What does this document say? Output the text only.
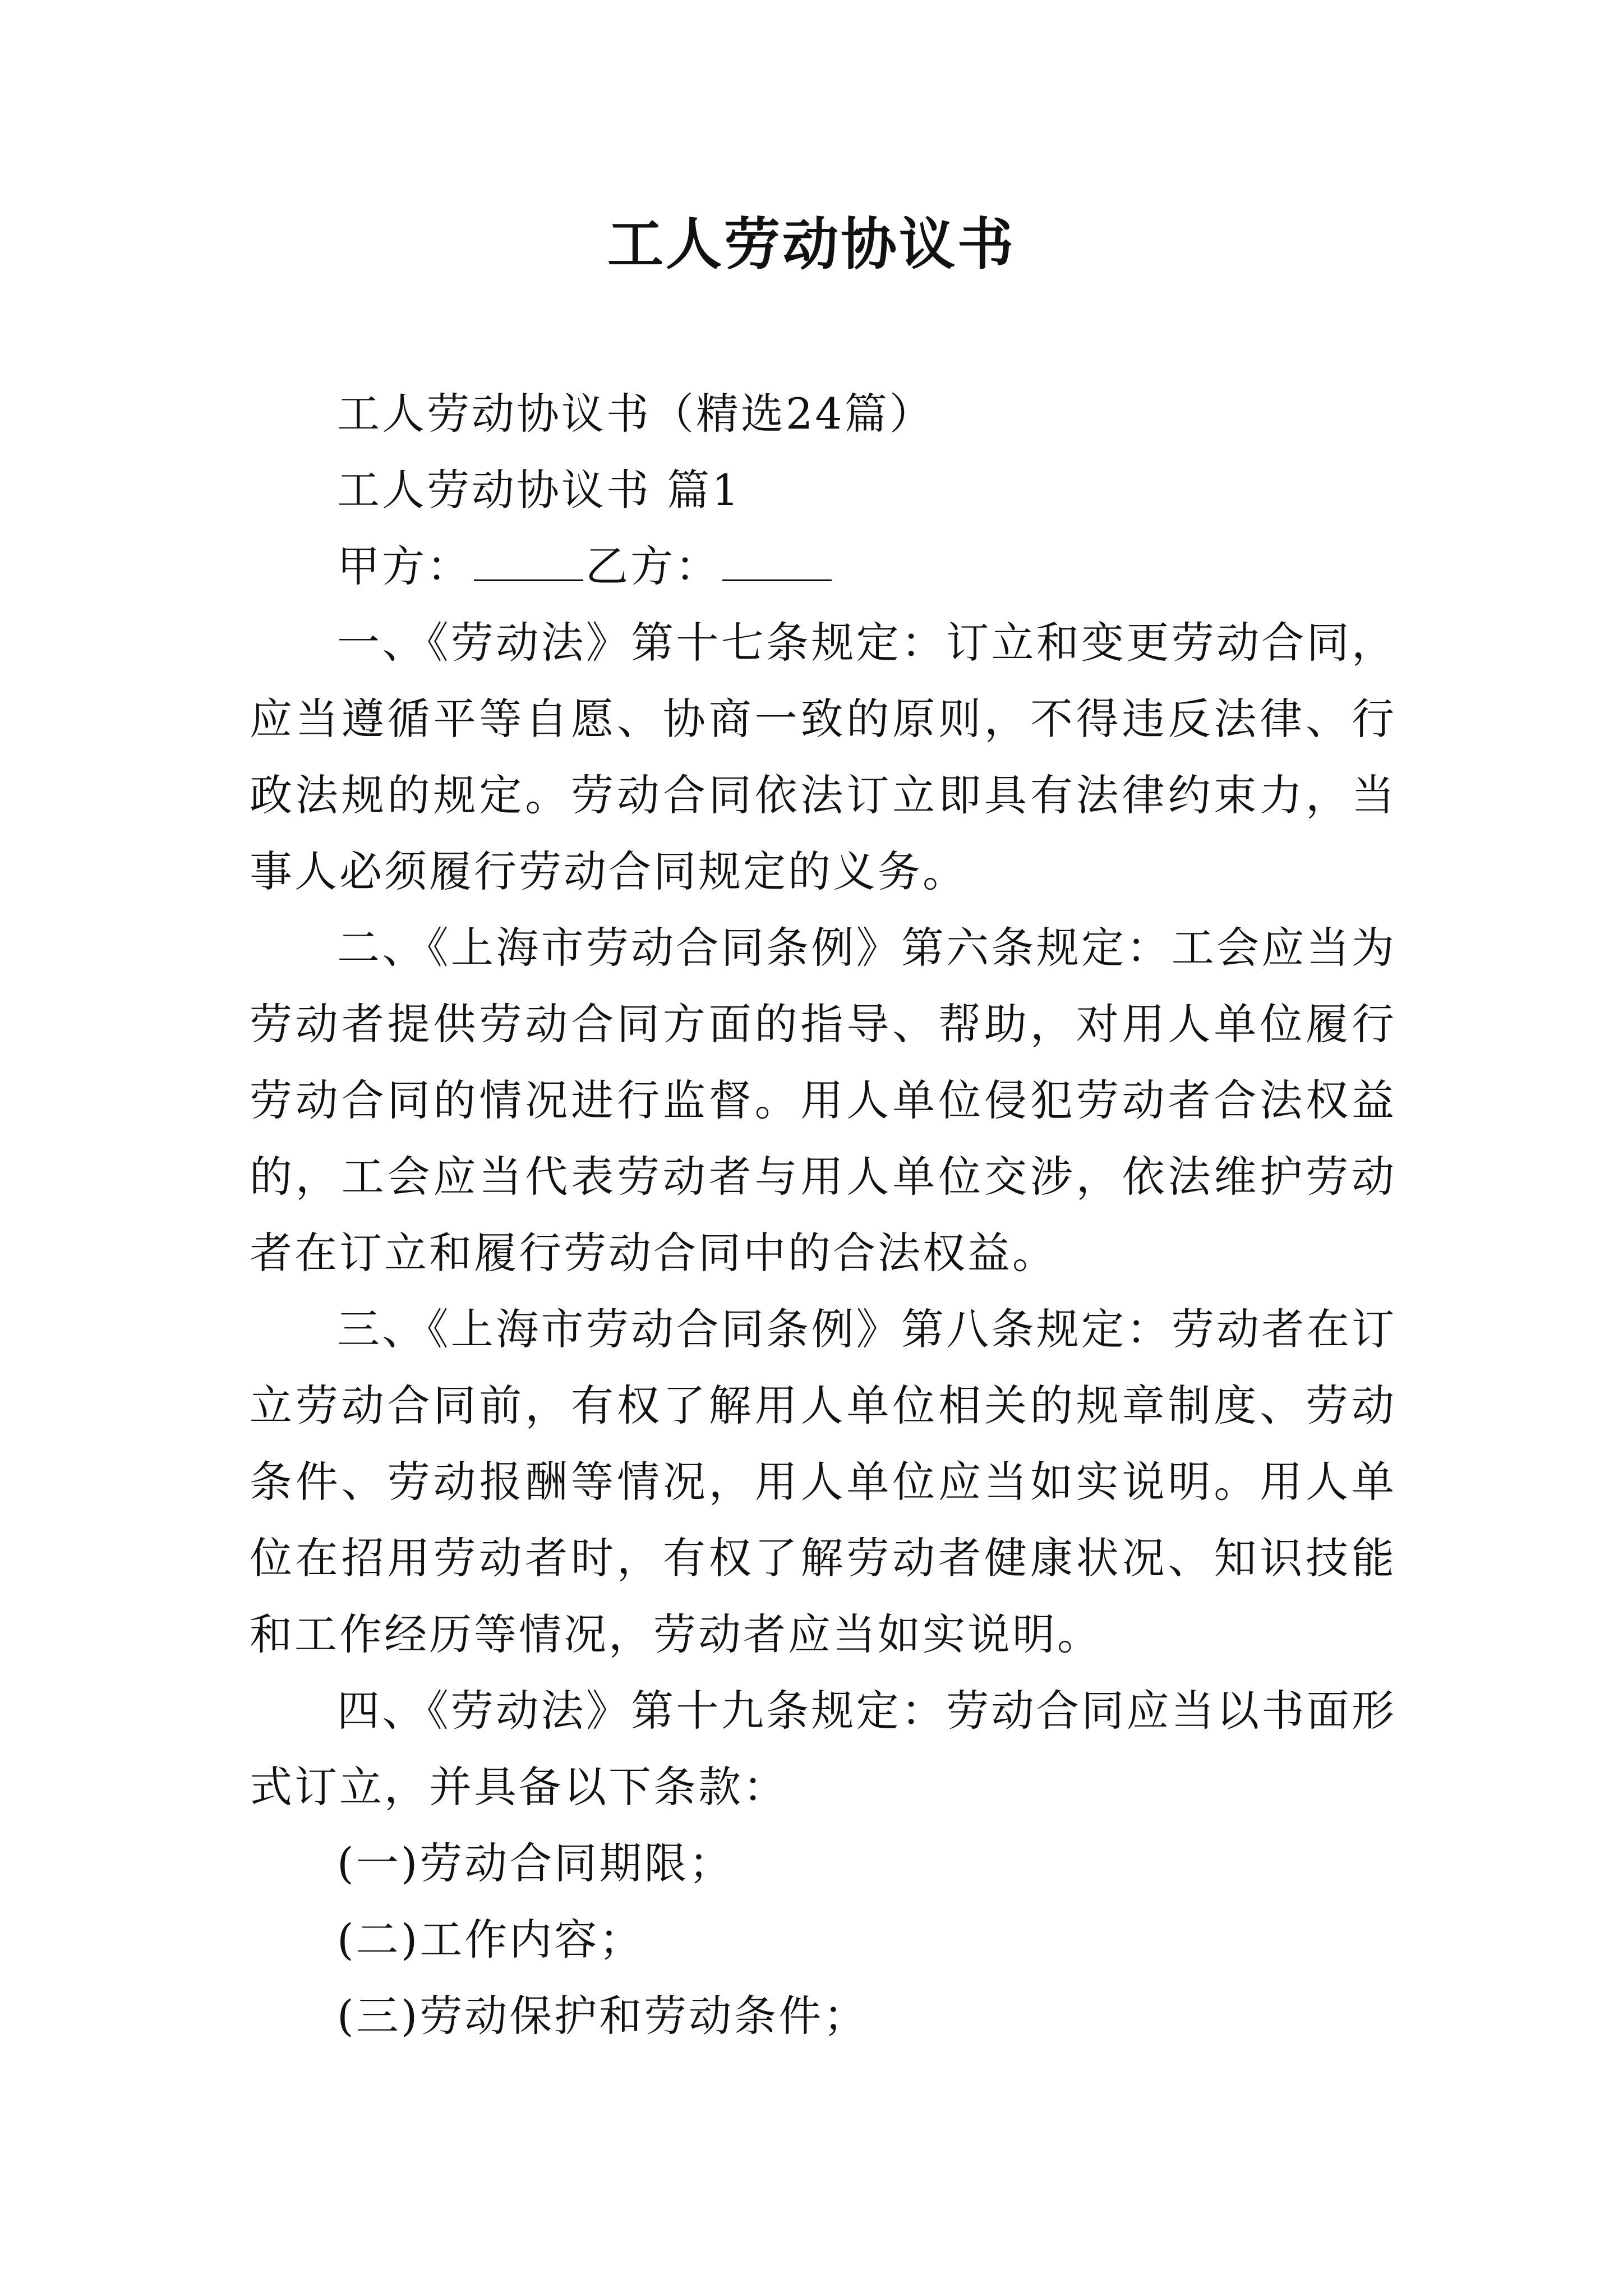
工人劳动协议书
工人劳动协议书（精选24篇）
工人劳动协议书 篇1
甲方：	乙方：

一、《劳动法》第十七条规定：订立和变更劳动合同，应当遵循平等自愿、协商一致的原则，不得违反法律、行政法规的规定。劳动合同依法订立即具有法律约束力，当事人必须履行劳动合同规定的义务。

二、《上海市劳动合同条例》第六条规定：工会应当为劳动者提供劳动合同方面的指导、帮助，对用人单位履行劳动合同的情况进行监督。用人单位侵犯劳动者合法权益的，工会应当代表劳动者与用人单位交涉，依法维护劳动者在订立和履行劳动合同中的合法权益。

三、《上海市劳动合同条例》第八条规定：劳动者在订立劳动合同前，有权了解用人单位相关的规章制度、劳动条件、劳动报酬等情况，用人单位应当如实说明。用人单位在招用劳动者时，有权了解劳动者健康状况、知识技能和工作经历等情况，劳动者应当如实说明。

四、《劳动法》第十九条规定：劳动合同应当以书面形式订立，并具备以下条款：

(一)劳动合同期限；
(二)工作内容；
(三)劳动保护和劳动条件；
